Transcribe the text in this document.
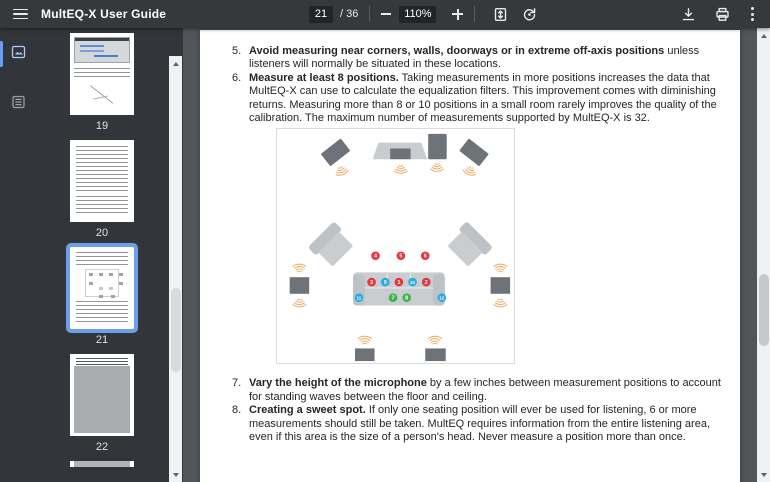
MultEQ-X User Guide	21	/ 36	110%
19
20
21
22
5. Avoid measuring near corners, walls, doorways or in extreme off-axis positions unless listeners will normally be situated in these locations.
6. Measure at least 8 positions. Taking measurements in more positions increases the data that MultEQ-X can use to calculate the equalization filters. This improvement comes with diminishing returns. Measuring more than 8 or 10 positions in a small room rarely improves the quality of the calibration. The maximum number of measurements supported by MultEQ-X is 32.
4	5	6
3 9 1 10 2
11	7 8	12
7. Vary the height of the microphone by a few inches between measurement positions to account for standing waves between the floor and ceiling.
8. Creating a sweet spot. If only one seating position will ever be used for listening, 6 or more measurements should still be taken. MultEQ requires information from the entire listening area, even if this area is the size of a person's head. Never measure a position more than once.
